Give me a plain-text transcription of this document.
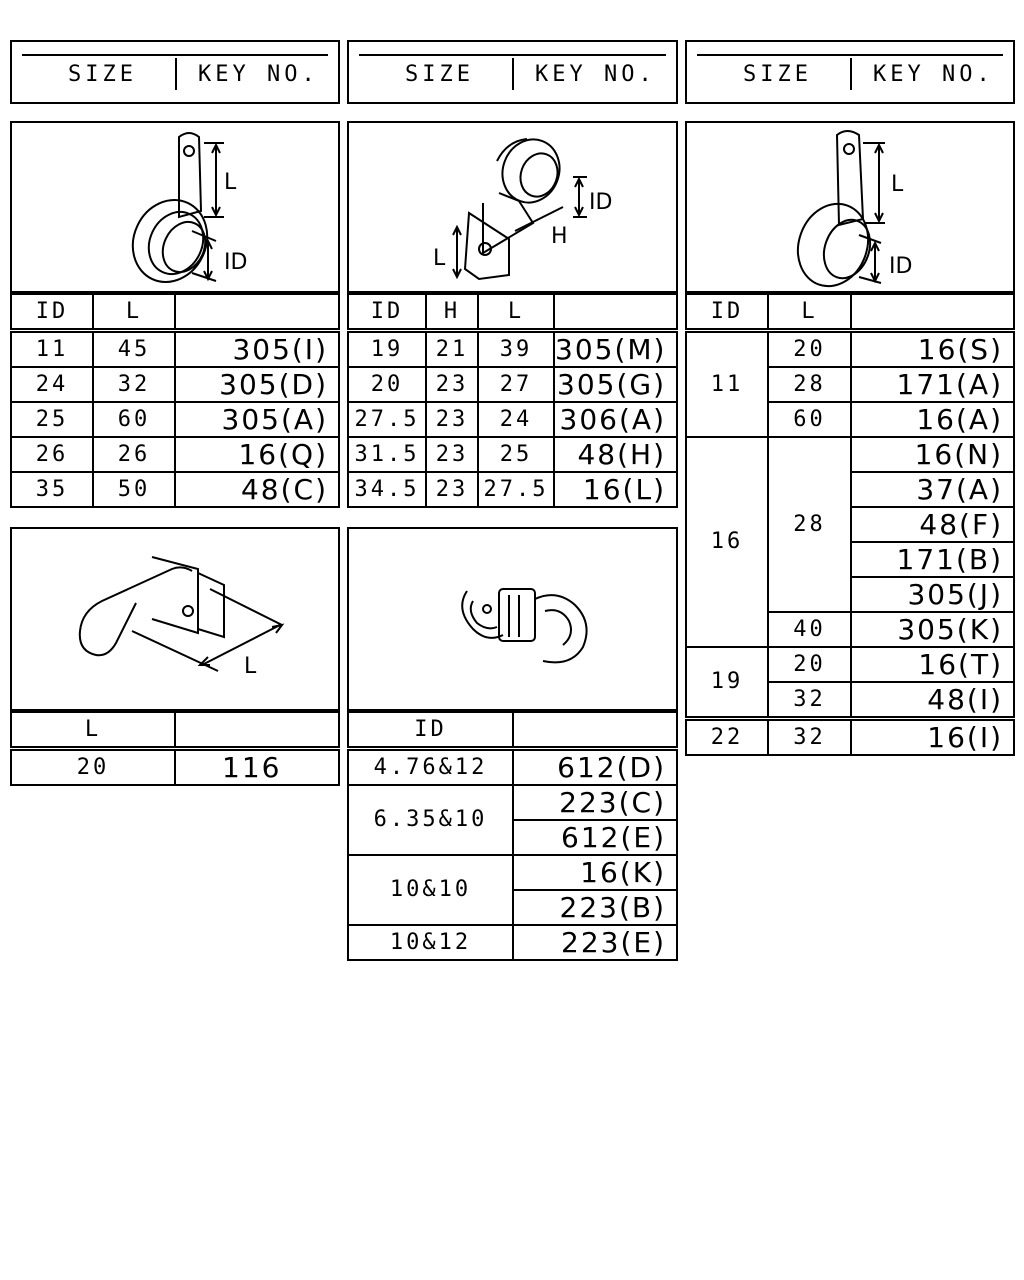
SIZE	KEY NO.	SIZE	KEY NO.	SIZE	KEY NO.
L
ID	L
H
ID
L
ID
ID	L	
11	45	305(I)
24	32	305(D)
25	60	305(A)
26	26	16(Q)
35	50	48(C)
ID	H	L	
19	21	39	305(M)
20	23	27	305(G)
27.5	23	24	306(A)
31.5	23	25	48(H)
34.5	23	27.5	16(L)
ID	L	
11	20	16(S)
	28	171(A)
	60	16(A)
16	28	16(N)
		37(A)
		48(F)
		171(B)
		305(J)
	40	305(K)
19	20	16(T)
	32	48(I)
22	32	16(I)
L
L	
20	116
ID	
4.76&12	612(D)
6.35&10	223(C)
	612(E)
10&10	16(K)
	223(B)
10&12	223(E)
